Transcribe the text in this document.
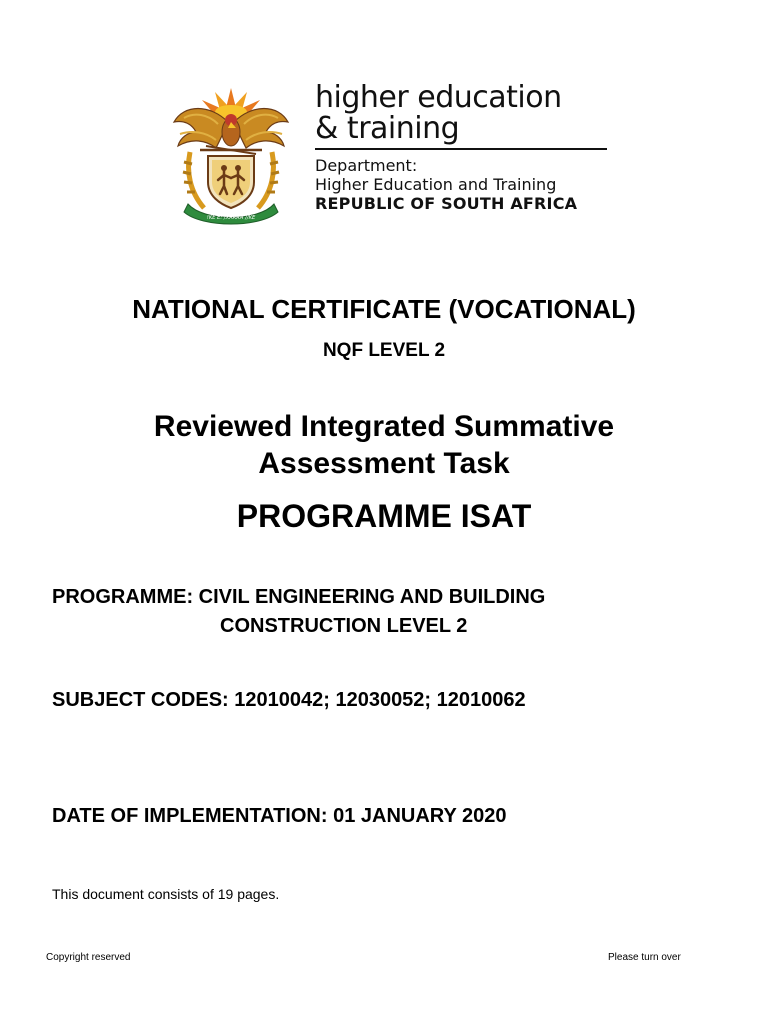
!KE E: /XARRA //KE
higher education
& training
Department:
Higher Education and Training
REPUBLIC OF SOUTH AFRICA
NATIONAL CERTIFICATE (VOCATIONAL)
NQF LEVEL 2
Reviewed Integrated Summative
Assessment Task
PROGRAMME ISAT
PROGRAMME: CIVIL ENGINEERING AND BUILDING
CONSTRUCTION LEVEL 2
SUBJECT CODES: 12010042; 12030052; 12010062
DATE OF IMPLEMENTATION: 01 JANUARY 2020
This document consists of 19 pages.
Copyright reserved	Please turn over
